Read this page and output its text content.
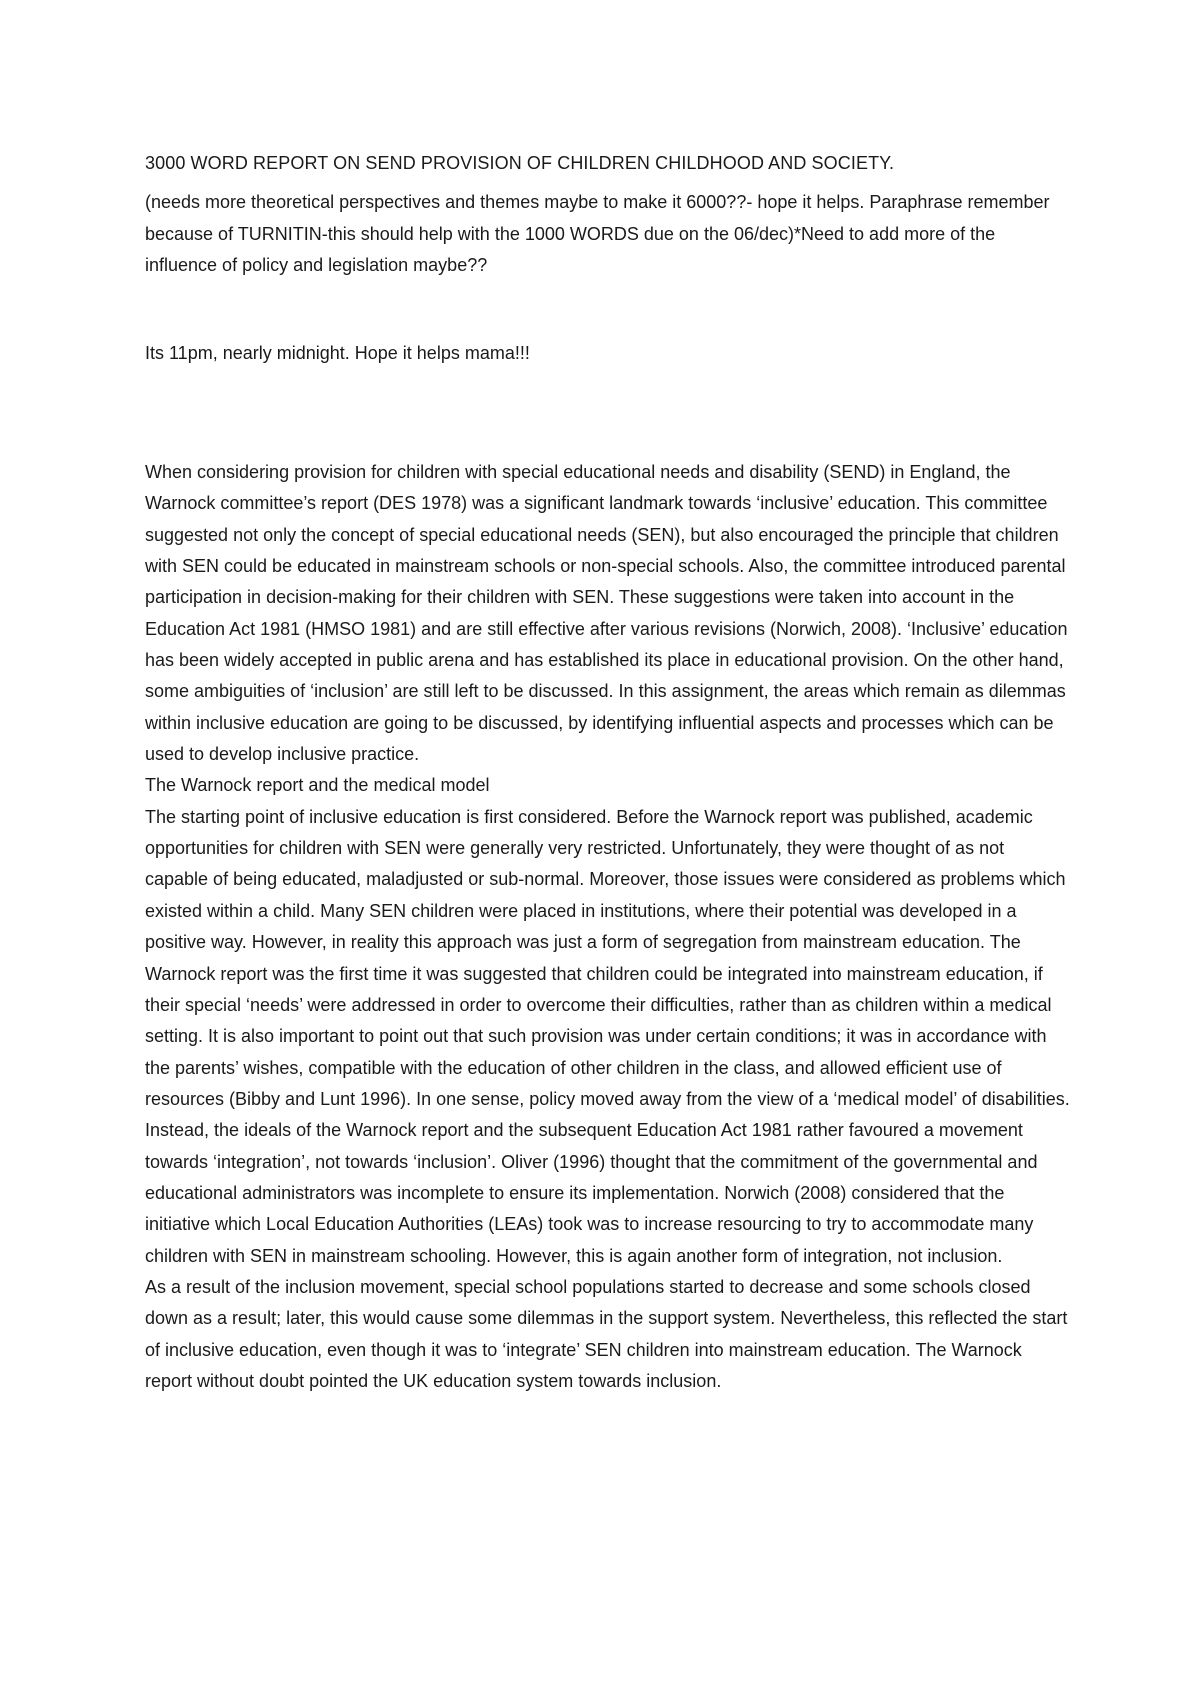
3000 WORD REPORT ON SEND PROVISION OF CHILDREN CHILDHOOD AND SOCIETY.

(needs more theoretical perspectives and themes maybe to make it 6000??- hope it helps. Paraphrase remember because of TURNITIN-this should help with the 1000 WORDS due on the 06/dec)*Need to add more of the influence of policy and legislation maybe??

Its 11pm, nearly midnight. Hope it helps mama!!!

When considering provision for children with special educational needs and disability (SEND) in England, the Warnock committee’s report (DES 1978) was a significant landmark towards ‘inclusive’ education. This committee suggested not only the concept of special educational needs (SEN), but also encouraged the principle that children with SEN could be educated in mainstream schools or non-special schools. Also, the committee introduced parental participation in decision-making for their children with SEN. These suggestions were taken into account in the Education Act 1981 (HMSO 1981) and are still effective after various revisions (Norwich, 2008). ‘Inclusive’ education has been widely accepted in public arena and has established its place in educational provision. On the other hand, some ambiguities of ‘inclusion’ are still left to be discussed. In this assignment, the areas which remain as dilemmas within inclusive education are going to be discussed, by identifying influential aspects and processes which can be used to develop inclusive practice.

The Warnock report and the medical model

The starting point of inclusive education is first considered. Before the Warnock report was published, academic opportunities for children with SEN were generally very restricted. Unfortunately, they were thought of as not capable of being educated, maladjusted or sub-normal. Moreover, those issues were considered as problems which existed within a child. Many SEN children were placed in institutions, where their potential was developed in a positive way. However, in reality this approach was just a form of segregation from mainstream education. The Warnock report was the first time it was suggested that children could be integrated into mainstream education, if their special ‘needs’ were addressed in order to overcome their difficulties, rather than as children within a medical setting. It is also important to point out that such provision was under certain conditions; it was in accordance with the parents’ wishes, compatible with the education of other children in the class, and allowed efficient use of resources (Bibby and Lunt 1996). In one sense, policy moved away from the view of a ‘medical model’ of disabilities.

Instead, the ideals of the Warnock report and the subsequent Education Act 1981 rather favoured a movement towards ‘integration’, not towards ‘inclusion’. Oliver (1996) thought that the commitment of the governmental and educational administrators was incomplete to ensure its implementation. Norwich (2008) considered that the initiative which Local Education Authorities (LEAs) took was to increase resourcing to try to accommodate many children with SEN in mainstream schooling. However, this is again another form of integration, not inclusion.

As a result of the inclusion movement, special school populations started to decrease and some schools closed down as a result; later, this would cause some dilemmas in the support system. Nevertheless, this reflected the start of inclusive education, even though it was to ‘integrate’ SEN children into mainstream education. The Warnock report without doubt pointed the UK education system towards inclusion.
